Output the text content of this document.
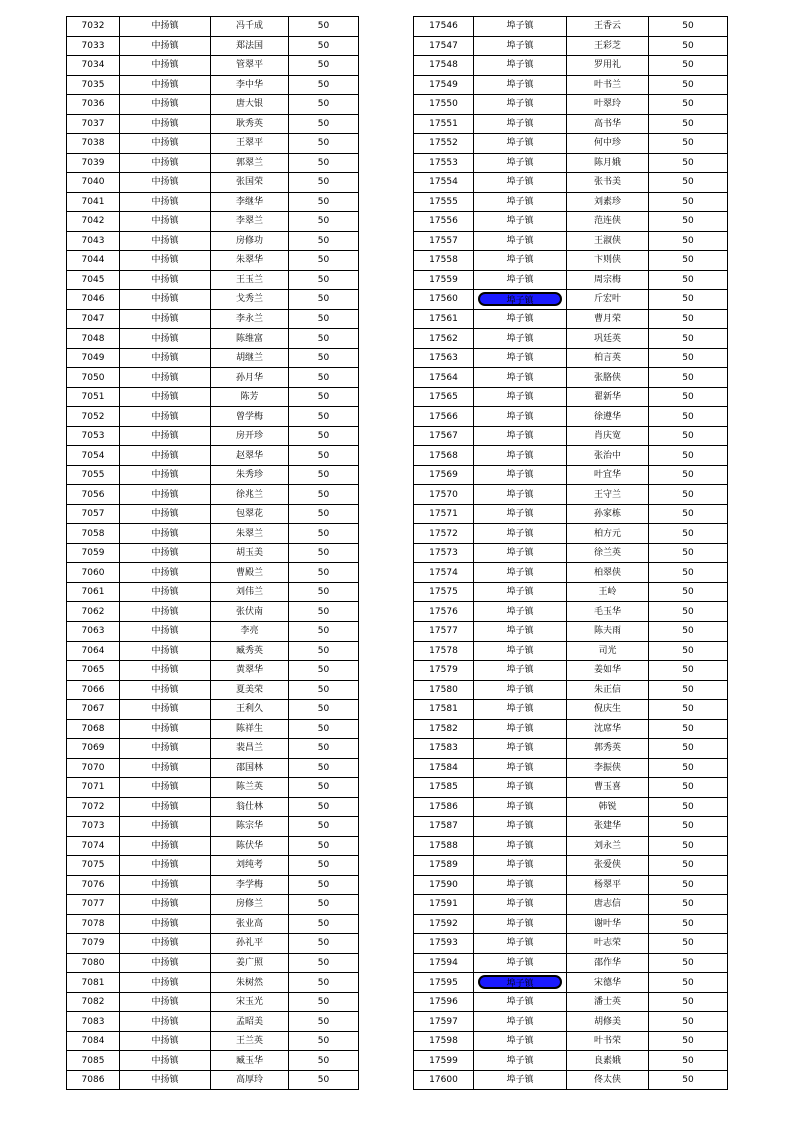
7032	中扬镇	冯千成	50
7033	中扬镇	郑法国	50
7034	中扬镇	管翠平	50
7035	中扬镇	李中华	50
7036	中扬镇	唐大银	50
7037	中扬镇	耿秀英	50
7038	中扬镇	王翠平	50
7039	中扬镇	郭翠兰	50
7040	中扬镇	张国荣	50
7041	中扬镇	李继华	50
7042	中扬镇	李翠兰	50
7043	中扬镇	房修功	50
7044	中扬镇	朱翠华	50
7045	中扬镇	王玉兰	50
7046	中扬镇	戈秀兰	50
7047	中扬镇	李永兰	50
7048	中扬镇	陈维富	50
7049	中扬镇	胡继兰	50
7050	中扬镇	孙月华	50
7051	中扬镇	陈芳	50
7052	中扬镇	曾学梅	50
7053	中扬镇	房开珍	50
7054	中扬镇	赵翠华	50
7055	中扬镇	朱秀珍	50
7056	中扬镇	徐兆兰	50
7057	中扬镇	包翠花	50
7058	中扬镇	朱翠兰	50
7059	中扬镇	胡玉美	50
7060	中扬镇	曹殿兰	50
7061	中扬镇	刘伟兰	50
7062	中扬镇	张伏南	50
7063	中扬镇	李亮	50
7064	中扬镇	臧秀英	50
7065	中扬镇	黄翠华	50
7066	中扬镇	夏美荣	50
7067	中扬镇	王利久	50
7068	中扬镇	陈祥生	50
7069	中扬镇	裴昌兰	50
7070	中扬镇	邵国林	50
7071	中扬镇	陈兰英	50
7072	中扬镇	翁仕林	50
7073	中扬镇	陈宗华	50
7074	中扬镇	陈伏华	50
7075	中扬镇	刘纯考	50
7076	中扬镇	李学梅	50
7077	中扬镇	房修兰	50
7078	中扬镇	张业高	50
7079	中扬镇	孙礼平	50
7080	中扬镇	姜广照	50
7081	中扬镇	朱树然	50
7082	中扬镇	宋玉光	50
7083	中扬镇	孟昭美	50
7084	中扬镇	王兰英	50
7085	中扬镇	臧玉华	50
7086	中扬镇	高厚玲	50
17546	埠子镇	王香云	50
17547	埠子镇	王彩芝	50
17548	埠子镇	罗用礼	50
17549	埠子镇	叶书兰	50
17550	埠子镇	叶翠玲	50
17551	埠子镇	高书华	50
17552	埠子镇	何中珍	50
17553	埠子镇	陈月娥	50
17554	埠子镇	张书美	50
17555	埠子镇	刘素珍	50
17556	埠子镇	范连侠	50
17557	埠子镇	王淑侠	50
17558	埠子镇	卞则侠	50
17559	埠子镇	周宗梅	50
17560	埠子镇	斤宏叶	50
17561	埠子镇	曹月荣	50
17562	埠子镇	巩廷英	50
17563	埠子镇	柏言英	50
17564	埠子镇	张胳侠	50
17565	埠子镇	翟新华	50
17566	埠子镇	徐遵华	50
17567	埠子镇	肖庆宽	50
17568	埠子镇	张治中	50
17569	埠子镇	叶宜华	50
17570	埠子镇	王守兰	50
17571	埠子镇	孙家栋	50
17572	埠子镇	柏方元	50
17573	埠子镇	徐兰英	50
17574	埠子镇	柏翠侠	50
17575	埠子镇	王岭	50
17576	埠子镇	毛玉华	50
17577	埠子镇	陈夫雨	50
17578	埠子镇	司光	50
17579	埠子镇	姜如华	50
17580	埠子镇	朱正信	50
17581	埠子镇	倪庆生	50
17582	埠子镇	沈席华	50
17583	埠子镇	郭秀英	50
17584	埠子镇	李振侠	50
17585	埠子镇	曹玉喜	50
17586	埠子镇	韩锐	50
17587	埠子镇	张建华	50
17588	埠子镇	刘永兰	50
17589	埠子镇	张爱侠	50
17590	埠子镇	杨翠平	50
17591	埠子镇	唐志信	50
17592	埠子镇	谢叶华	50
17593	埠子镇	叶志荣	50
17594	埠子镇	邵作华	50
17595	埠子镇	宋德华	50
17596	埠子镇	潘士英	50
17597	埠子镇	胡修美	50
17598	埠子镇	叶书荣	50
17599	埠子镇	良素娥	50
17600	埠子镇	佟太侠	50
